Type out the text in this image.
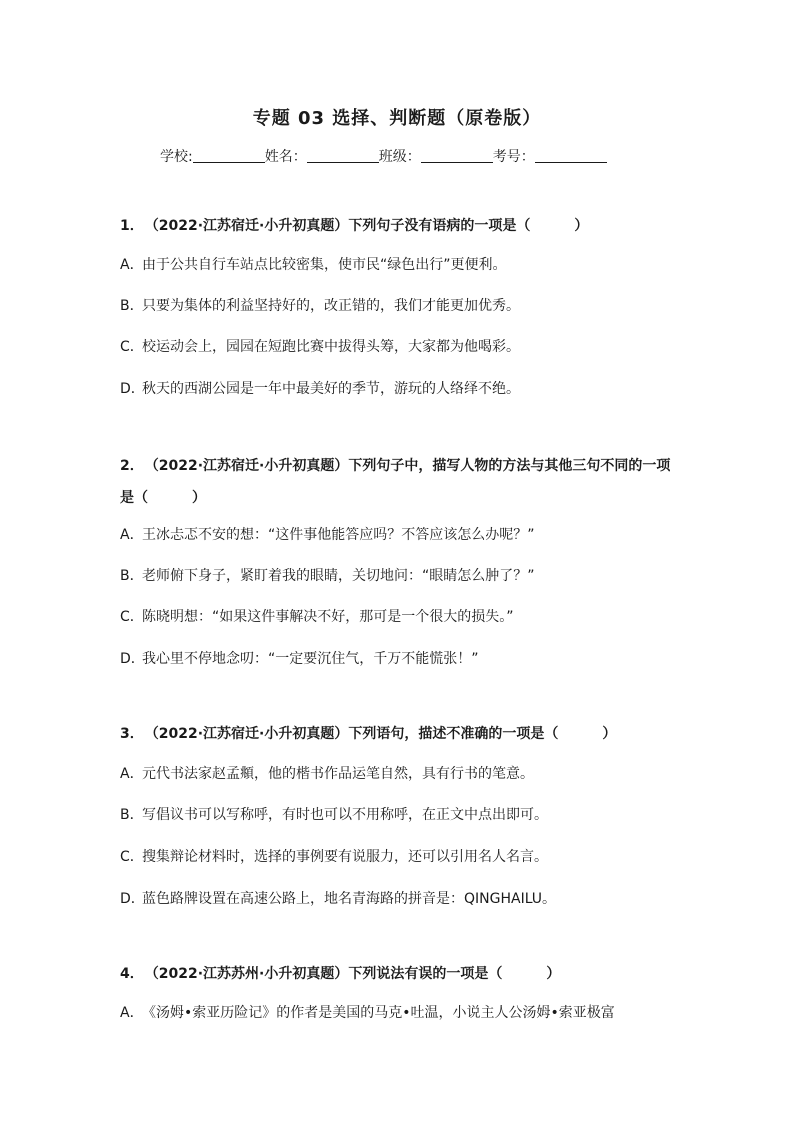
专题 03 选择、判断题（原卷版）
学校:	姓名：	班级：	考号：
1． （2022·江苏宿迁·小升初真题）下列句子没有语病的一项是（	）
A．由于公共自行车站点比较密集，使市民“绿色出行”更便利。
B．只要为集体的利益坚持好的，改正错的，我们才能更加优秀。
C．校运动会上，园园在短跑比赛中拔得头筹，大家都为他喝彩。
D．秋天的西湖公园是一年中最美好的季节，游玩的人络绎不绝。
2． （2022·江苏宿迁·小升初真题）下列句子中，描写人物的方法与其他三句不同的一项是（	）
A．王冰忐忑不安的想：“这件事他能答应吗？不答应该怎么办呢？”
B．老师俯下身子，紧盯着我的眼睛，关切地问：“眼睛怎么肿了？”
C．陈晓明想：“如果这件事解决不好，那可是一个很大的损失。”
D．我心里不停地念叨：“一定要沉住气，千万不能慌张！”
3． （2022·江苏宿迁·小升初真题）下列语句，描述不准确的一项是（	）
A．元代书法家赵孟頫，他的楷书作品运笔自然，具有行书的笔意。
B．写倡议书可以写称呼，有时也可以不用称呼，在正文中点出即可。
C．搜集辩论材料时，选择的事例要有说服力，还可以引用名人名言。
D．蓝色路牌设置在高速公路上，地名青海路的拼音是：QINGHAILU。
4． （2022·江苏苏州·小升初真题）下列说法有误的一项是（	）
A．《汤姆•索亚历险记》的作者是美国的马克•吐温，小说主人公汤姆•索亚极富
